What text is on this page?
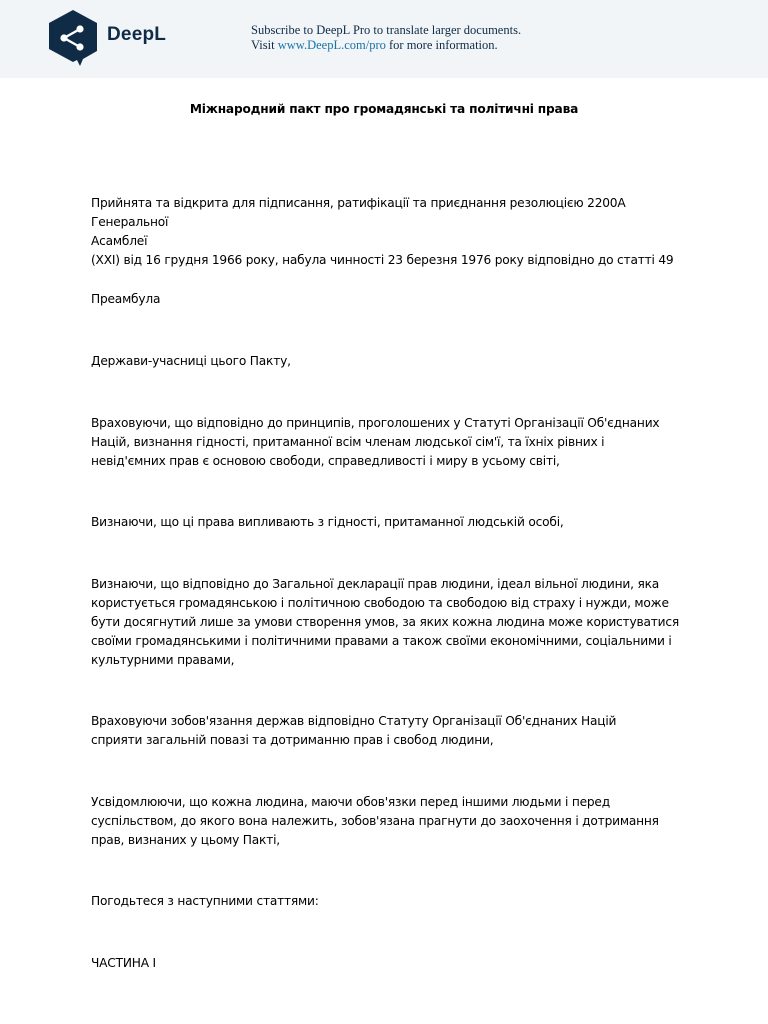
DeepL	Subscribe to DeepL Pro to translate larger documents.
Visit www.DeepL.com/pro for more information.
Міжнародний пакт про громадянські та політичні права
Прийнята та відкрита для підписання, ратифікації та приєднання резолюцією 2200A Генеральної
Асамблеї
(XXI) від 16 грудня 1966 року, набула чинності 23 березня 1976 року відповідно до статті 49
Преамбула
Держави-учасниці цього Пакту,
Враховуючи, що відповідно до принципів, проголошених у Статуті Організації Об'єднаних Націй, визнання гідності, притаманної всім членам людської сім'ї, та їхніх рівних і невід'ємних прав є основою свободи, справедливості і миру в усьому світі,
Визнаючи, що ці права випливають з гідності, притаманної людській особі,
Визнаючи, що відповідно до Загальної декларації прав людини, ідеал вільної людини, яка користується громадянською і політичною свободою та свободою від страху і нужди, може бути досягнутий лише за умови створення умов, за яких кожна людина може користуватися своїми громадянськими і політичними правами а також своїми економічними, соціальними і культурними правами,
Враховуючи зобов'язання держав відповідно Статуту Організації Об'єднаних Націй сприяти загальній повазі та дотриманню прав і свобод людини,
Усвідомлюючи, що кожна людина, маючи обов'язки перед іншими людьми і перед суспільством, до якого вона належить, зобов'язана прагнути до заохочення і дотримання прав, визнаних у цьому Пакті,
Погодьтеся з наступними статтями:
ЧАСТИНА I
